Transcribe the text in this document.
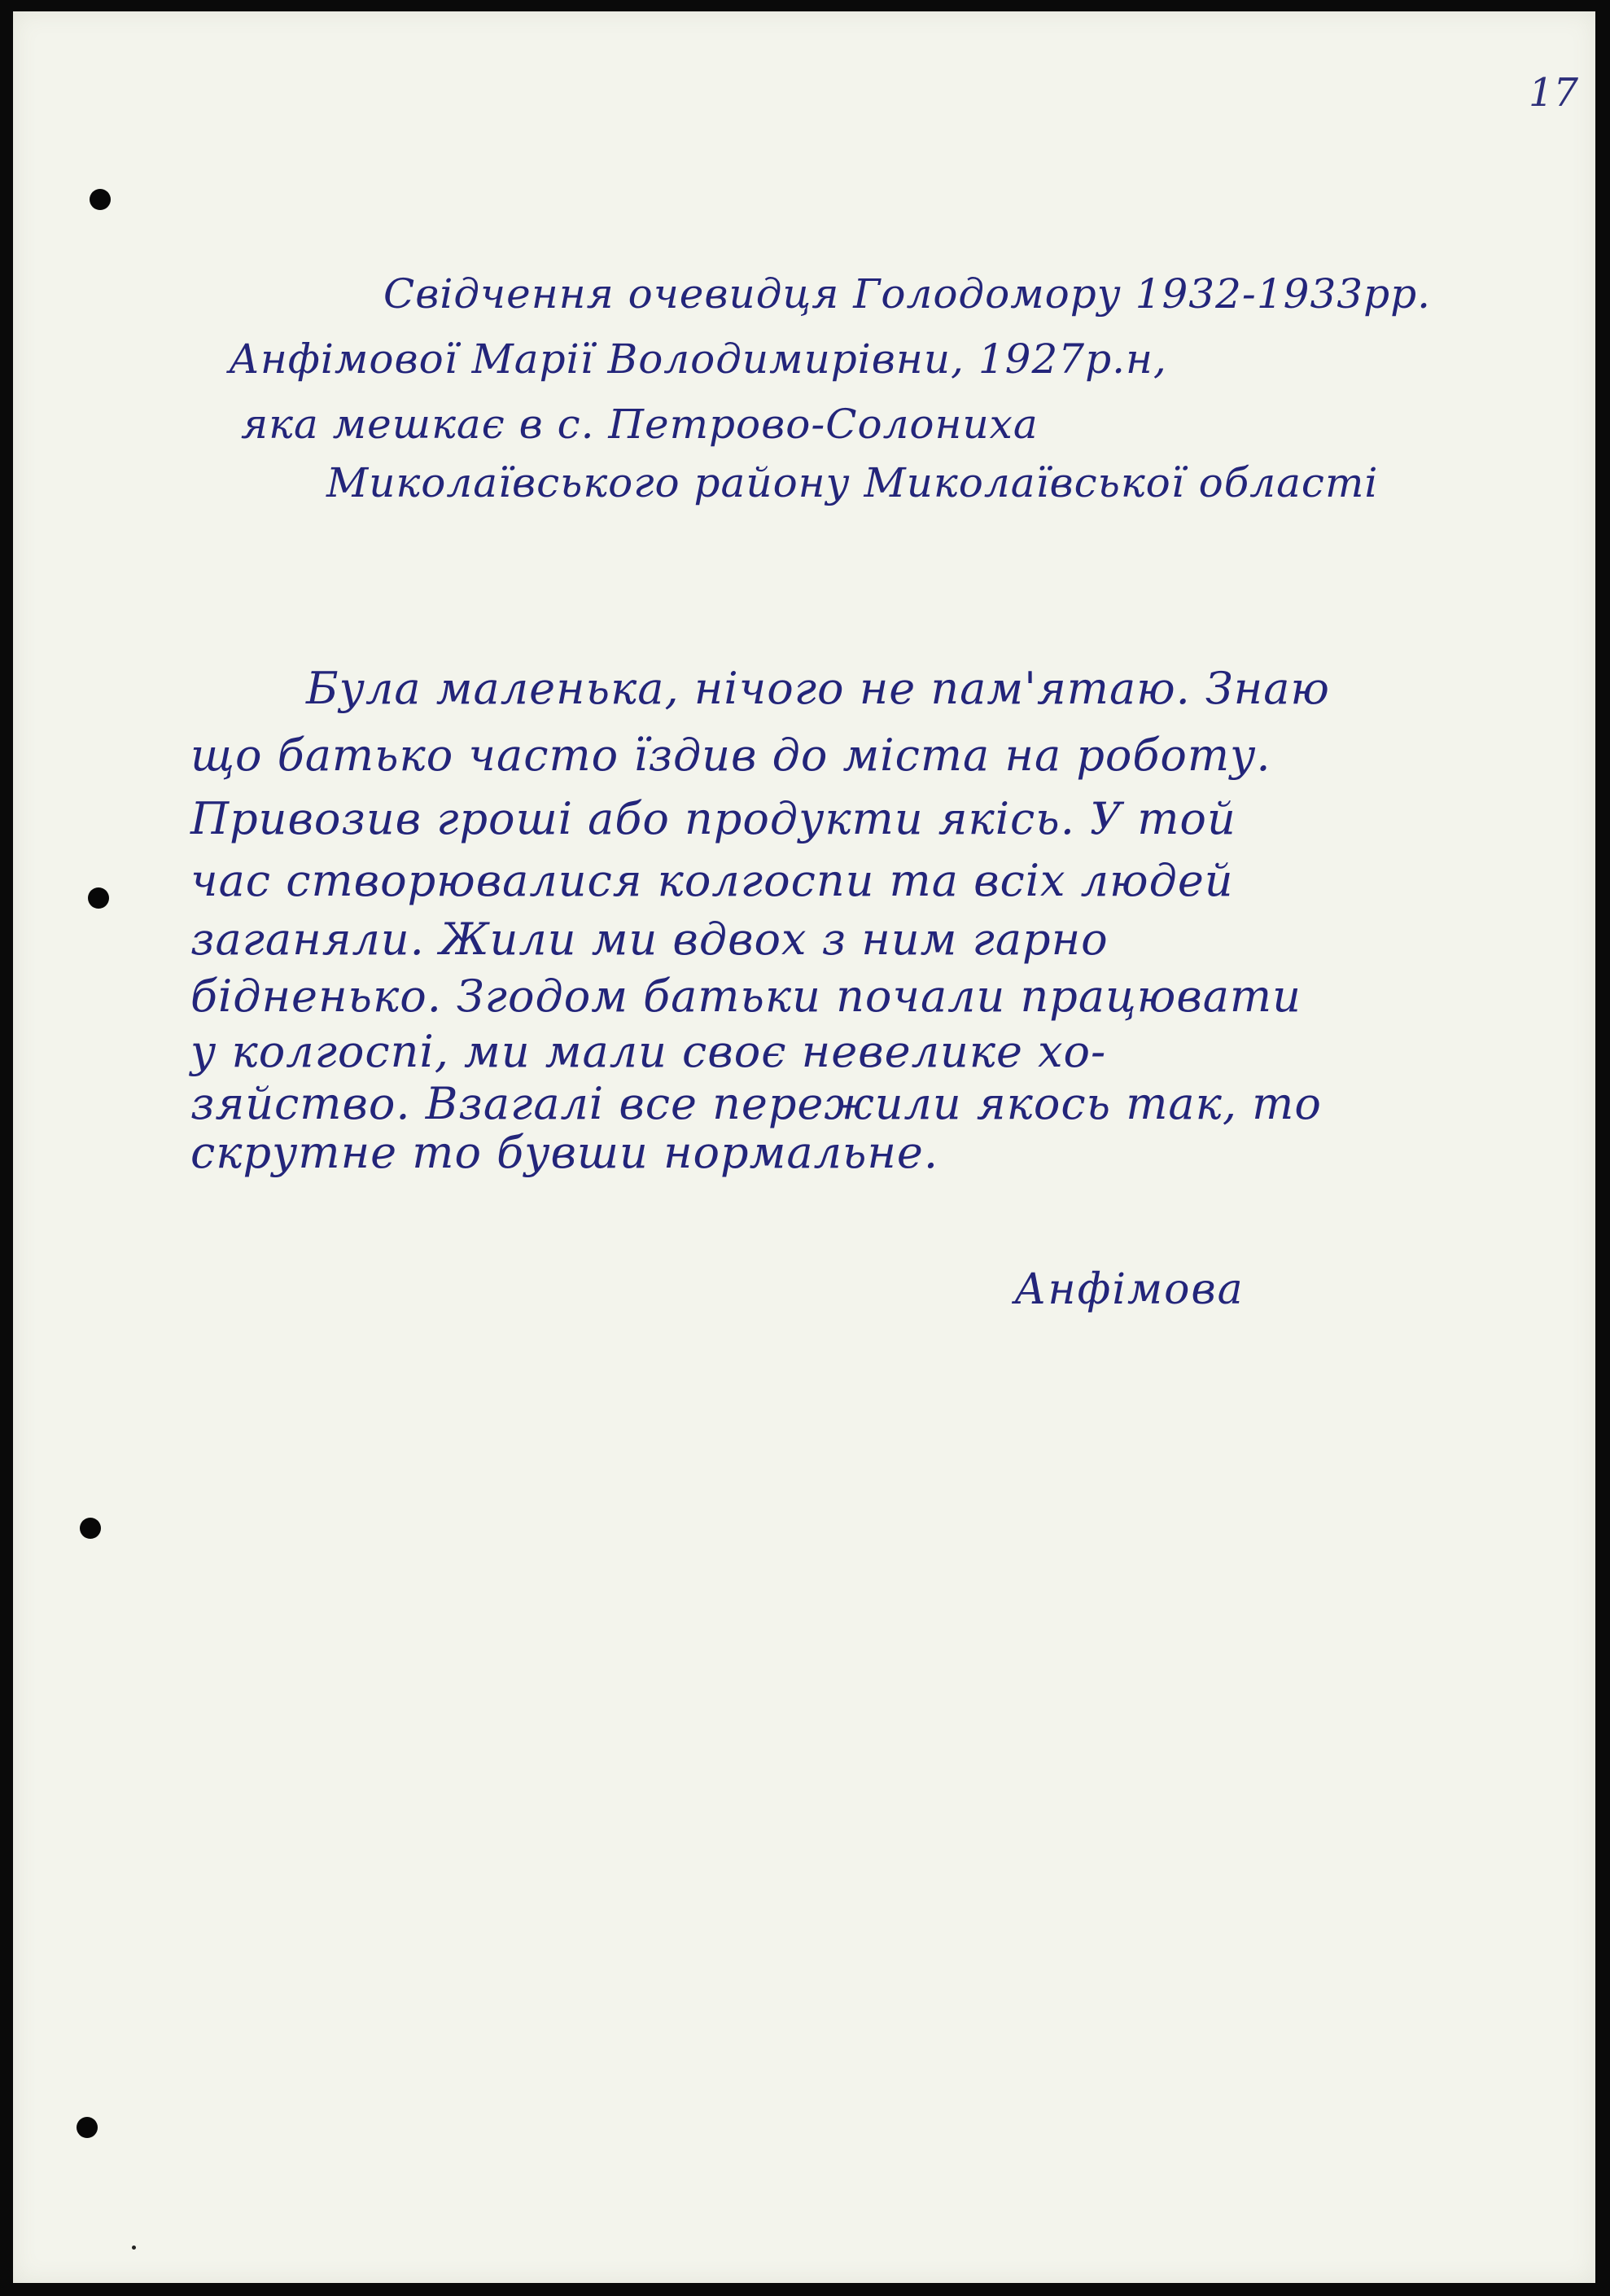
17
Свідчення очевидця Голодомору 1932-1933рр.
Анфімової Марії Володимирівни, 1927р.н,
яка мешкає в с. Петрово-Солониха
Миколаївського району Миколаївської області
Була маленька, нічого не пам'ятаю. Знаю
що батько часто їздив до міста на роботу.
Привозив гроші або продукти якісь. У той
час створювалися колгоспи та всіх людей
заганяли. Жили ми вдвох з ним гарно
бідненько. Згодом батьки почали працювати
у колгоспі, ми мали своє невелике хо-
зяйство. Взагалі все пережили якось так, то
скрутне то бувши нормальне.
Анфімова
